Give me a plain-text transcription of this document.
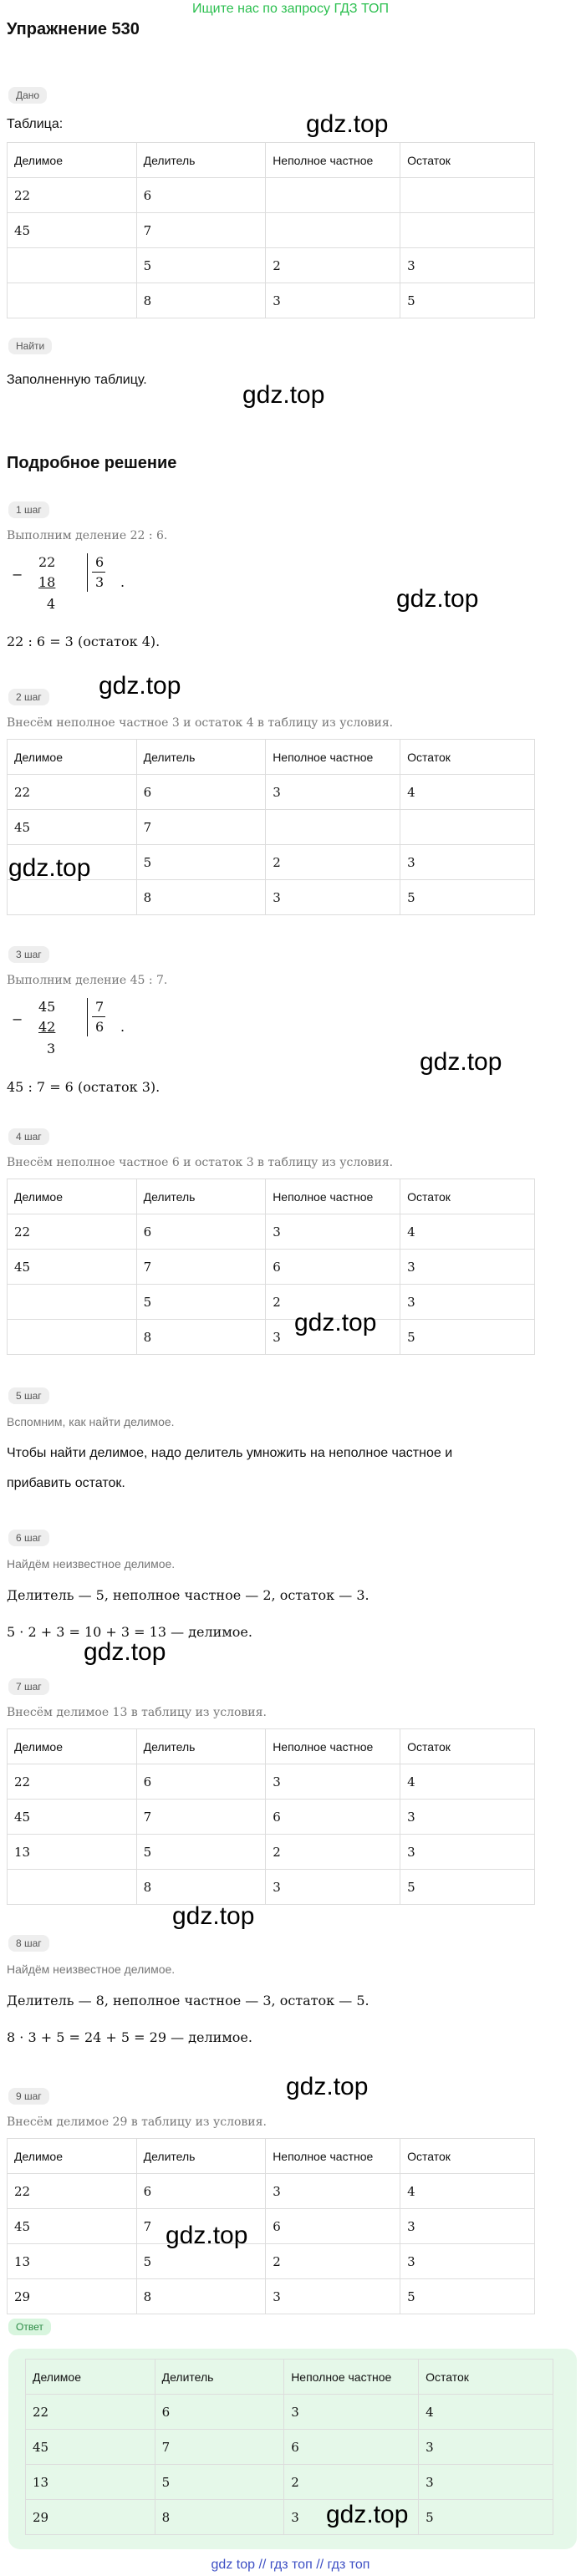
Ищите нас по запросу ГДЗ ТОП
Упражнение 530
Дано
Таблица:	gdz.top
Делимое	Делитель	Неполное частное	Остаток
22	6		
45	7		
	5	2	3
	8	3	5
Найти
Заполненную таблицу.
gdz.top
Подробное решение
1 шаг
Выполним деление 22 : 6.
−
22
18
4
6
3 .
gdz.top
22 : 6 = 3 (остаток 4).
gdz.top
2 шаг
Внесём неполное частное 3 и остаток 4 в таблицу из условия.
Делимое	Делитель	Неполное частное	Остаток
22	6	3	4
45	7		
	5	2	3
	8	3	5
gdz.top
3 шаг
Выполним деление 45 : 7.
−
45
42
3
7
6 .
gdz.top
45 : 7 = 6 (остаток 3).
4 шаг
Внесём неполное частное 6 и остаток 3 в таблицу из условия.
Делимое	Делитель	Неполное частное	Остаток
22	6	3	4
45	7	6	3
	5	2	3
	8	3	5
gdz.top
5 шаг
Вспомним, как найти делимое.
Чтобы найти делимое, надо делитель умножить на неполное частное и
прибавить остаток.
6 шаг
Найдём неизвестное делимое.
Делитель — 5, неполное частное — 2, остаток — 3.
5 · 2 + 3 = 10 + 3 = 13 — делимое.
gdz.top
7 шаг
Внесём делимое 13 в таблицу из условия.
Делимое	Делитель	Неполное частное	Остаток
22	6	3	4
45	7	6	3
13	5	2	3
	8	3	5
gdz.top
8 шаг
Найдём неизвестное делимое.
Делитель — 8, неполное частное — 3, остаток — 5.
8 · 3 + 5 = 24 + 5 = 29 — делимое.
gdz.top
9 шаг
Внесём делимое 29 в таблицу из условия.
Делимое	Делитель	Неполное частное	Остаток
22	6	3	4
45	7	6	3
13	5	2	3
29	8	3	5
gdz.top
Ответ
Делимое	Делитель	Неполное частное	Остаток
22	6	3	4
45	7	6	3
13	5	2	3
29	8	3	5
gdz.top
gdz top // гдз топ // гдз топ
